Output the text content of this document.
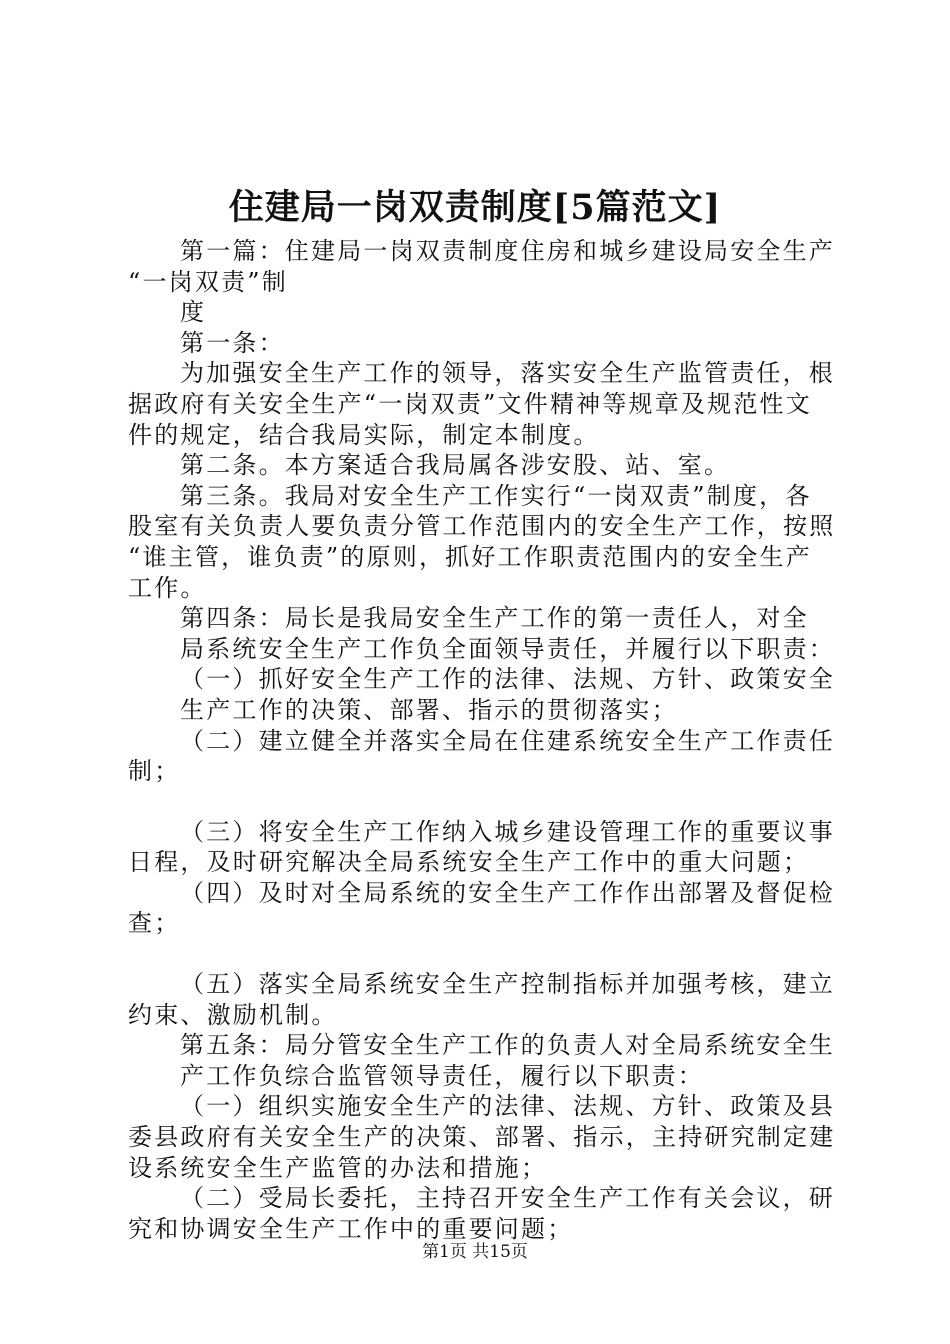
住建局一岗双责制度[5篇范文]
第一篇：住建局一岗双责制度住房和城乡建设局安全生产
“一岗双责”制
度
第一条：
为加强安全生产工作的领导，落实安全生产监管责任，根
据政府有关安全生产“一岗双责”文件精神等规章及规范性文
件的规定，结合我局实际，制定本制度。
第二条。本方案适合我局属各涉安股、站、室。
第三条。我局对安全生产工作实行“一岗双责”制度，各
股室有关负责人要负责分管工作范围内的安全生产工作，按照
“谁主管，谁负责”的原则，抓好工作职责范围内的安全生产
工作。
第四条：局长是我局安全生产工作的第一责任人，对全
局系统安全生产工作负全面领导责任，并履行以下职责：
（一）抓好安全生产工作的法律、法规、方针、政策安全
生产工作的决策、部署、指示的贯彻落实；
（二）建立健全并落实全局在住建系统安全生产工作责任
制；
（三）将安全生产工作纳入城乡建设管理工作的重要议事
日程，及时研究解决全局系统安全生产工作中的重大问题；
（四）及时对全局系统的安全生产工作作出部署及督促检
查；
（五）落实全局系统安全生产控制指标并加强考核，建立
约束、激励机制。
第五条：局分管安全生产工作的负责人对全局系统安全生
产工作负综合监管领导责任，履行以下职责：
（一）组织实施安全生产的法律、法规、方针、政策及县
委县政府有关安全生产的决策、部署、指示，主持研究制定建
设系统安全生产监管的办法和措施；
（二）受局长委托，主持召开安全生产工作有关会议，研
究和协调安全生产工作中的重要问题；
第1页 共15页
